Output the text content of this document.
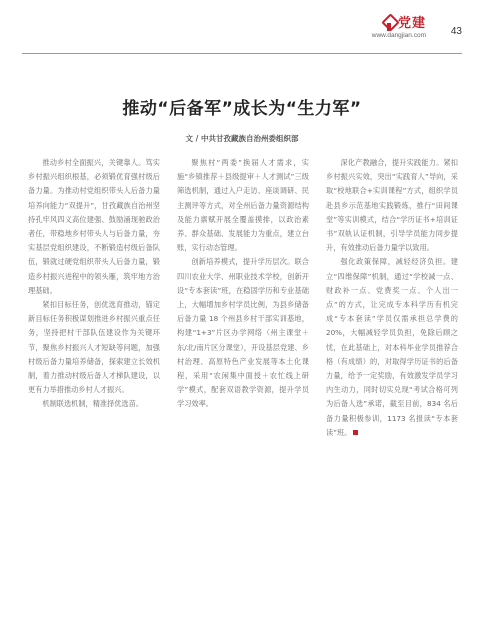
党建
www.dangjian.com 43
推动“后备军”成长为“生力军”
文 / 中共甘孜藏族自治州委组织部

推动乡村全面振兴，关键靠人。笃实乡村振兴组织根基，必须锻优育强村级后备力量。为推动村党组织带头人后备力量培养向能力“双提升”，甘孜藏族自治州坚持孔牢风四义高位建强、鼓励涌现驰政治者任，带稳地乡村带头人与后备力量，夯实基层党组织建设，不断锻造村级后备队伍，锻就过硬党组织带头人后备力量，锻造乡村振兴进程中的领头雁，筑牢地方治理基础。

紧扣目标任务，创优选育推动，锚定新目标任务积极谋划推进乡村振兴重点任务，坚持把村干部队伍建设作为关键环节，聚焦乡村振兴人才短缺等问题，加强村级后备力量培养储备，探索建立长效机制，着力推动村级后备人才梯队建设，以更有力举措推动乡村人才振兴。

机制联选机制，精准择优选苗。

聚焦村“两委”换届人才需求，实施“乡镇推荐＋县级提审＋人才测试”三级筛选机制，通过入户走访、座谈调研、民主测评等方式，对全州后备力量资源结构及能力禀赋开展全覆盖摸排，以政治素养、群众基础、发展能力为重点，建立台账，实行动态管理。

创新培养模式，提升学历层次。联合四川农业大学、州职业技术学校，创新开设“专本套读”班，在稳固学历和专业基础上，大幅增加乡村学员比例，为县乡储备后备力量 18 个州县乡村干部实训基地，构建“1+3”片区办学网络（州主课堂＋东/北/南片区分课堂），开设基层党建、乡村治理、高原特色产业发展等本土化课程，采用“农闲集中面授＋农忙线上研学”模式，配套双语教学资源，提升学员学习效率。

深化产教融合，提升实践能力。紧扣乡村振兴实效，突出“实践育人”导向，采取“校地联合+实训课程”方式，组织学员赴县乡示范基地实践锻炼，推行“田间课堂”等实训模式，结合“学历证书+培训证书”双轨认证机制，引导学员能力同步提升，有效推动后备力量学以致用。

强化政策保障，减轻经济负担。建立“四维保障”机制，通过“学校减一点、财政补一点、党费奖一点、个人出一点”的方式，让完成专本科学历有机完成“专本套读”学员仅需承担总学费的 20%，大幅减轻学员负担，免除后顾之忧，在此基础上，对本科毕业学员推荐合格（有成绩）的，对取得学历证书的后备力量，给予一定奖励，有效激发学员学习内生动力，同时切实兑现“考试合格可列为后备人选”承诺，截至目前，834 名后备力量积极参训，1173 名报读“专本套读”班。
